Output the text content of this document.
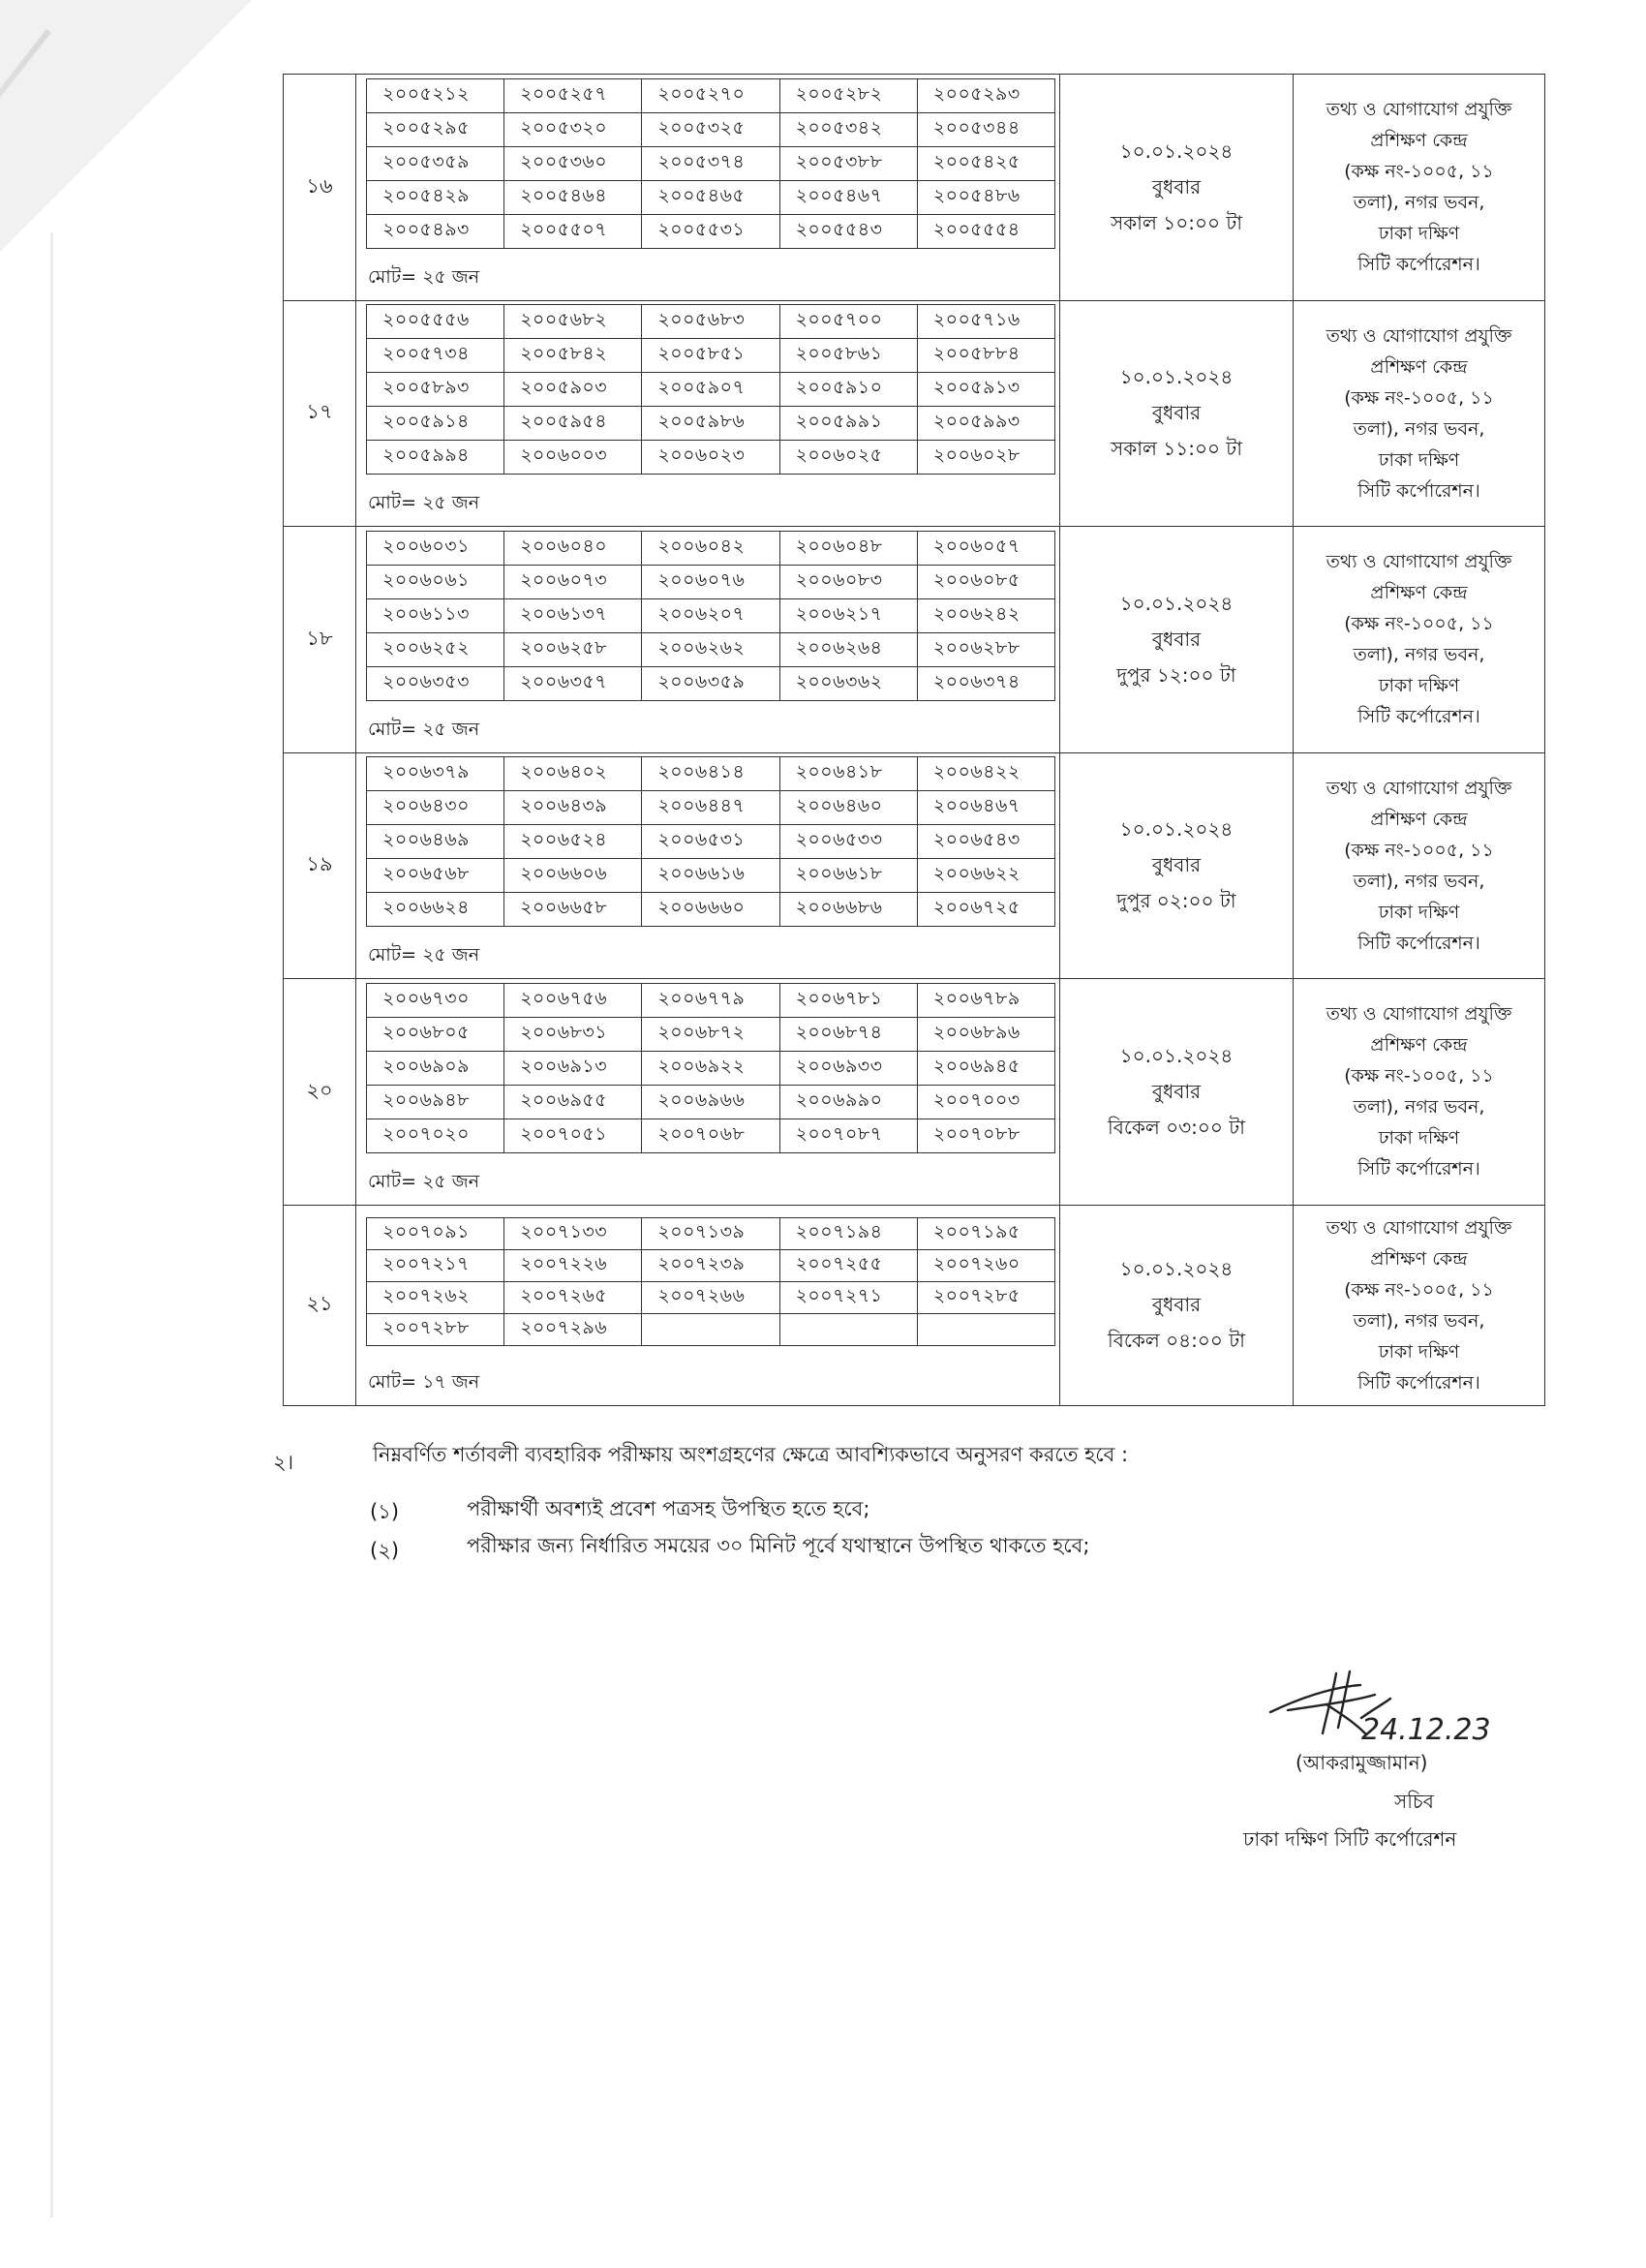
১৬	
২০০৫২১২	২০০৫২৫৭	২০০৫২৭০	২০০৫২৮২	২০০৫২৯৩
২০০৫২৯৫	২০০৫৩২০	২০০৫৩২৫	২০০৫৩৪২	২০০৫৩৪৪
২০০৫৩৫৯	২০০৫৩৬০	২০০৫৩৭৪	২০০৫৩৮৮	২০০৫৪২৫
২০০৫৪২৯	২০০৫৪৬৪	২০০৫৪৬৫	২০০৫৪৬৭	২০০৫৪৮৬
২০০৫৪৯৩	২০০৫৫০৭	২০০৫৫৩১	২০০৫৫৪৩	২০০৫৫৫৪
মোট= ২৫ জন

১০.০১.২০২৪
বুধবার
সকাল ১০:০০ টা

তথ্য ও যোগাযোগ প্রযুক্তি
প্রশিক্ষণ কেন্দ্র
(কক্ষ নং-১০০৫, ১১
তলা), নগর ভবন,
ঢাকা দক্ষিণ
সিটি কর্পোরেশন।

১৭	
২০০৫৫৫৬	২০০৫৬৮২	২০০৫৬৮৩	২০০৫৭০০	২০০৫৭১৬
২০০৫৭৩৪	২০০৫৮৪২	২০০৫৮৫১	২০০৫৮৬১	২০০৫৮৮৪
২০০৫৮৯৩	২০০৫৯০৩	২০০৫৯০৭	২০০৫৯১০	২০০৫৯১৩
২০০৫৯১৪	২০০৫৯৫৪	২০০৫৯৮৬	২০০৫৯৯১	২০০৫৯৯৩
২০০৫৯৯৪	২০০৬০০৩	২০০৬০২৩	২০০৬০২৫	২০০৬০২৮
মোট= ২৫ জন

১০.০১.২০২৪
বুধবার
সকাল ১১:০০ টা

তথ্য ও যোগাযোগ প্রযুক্তি
প্রশিক্ষণ কেন্দ্র
(কক্ষ নং-১০০৫, ১১
তলা), নগর ভবন,
ঢাকা দক্ষিণ
সিটি কর্পোরেশন।

১৮	
২০০৬০৩১	২০০৬০৪০	২০০৬০৪২	২০০৬০৪৮	২০০৬০৫৭
২০০৬০৬১	২০০৬০৭৩	২০০৬০৭৬	২০০৬০৮৩	২০০৬০৮৫
২০০৬১১৩	২০০৬১৩৭	২০০৬২০৭	২০০৬২১৭	২০০৬২৪২
২০০৬২৫২	২০০৬২৫৮	২০০৬২৬২	২০০৬২৬৪	২০০৬২৮৮
২০০৬৩৫৩	২০০৬৩৫৭	২০০৬৩৫৯	২০০৬৩৬২	২০০৬৩৭৪
মোট= ২৫ জন

১০.০১.২০২৪
বুধবার
দুপুর ১২:০০ টা

তথ্য ও যোগাযোগ প্রযুক্তি
প্রশিক্ষণ কেন্দ্র
(কক্ষ নং-১০০৫, ১১
তলা), নগর ভবন,
ঢাকা দক্ষিণ
সিটি কর্পোরেশন।

১৯	
২০০৬৩৭৯	২০০৬৪০২	২০০৬৪১৪	২০০৬৪১৮	২০০৬৪২২
২০০৬৪৩০	২০০৬৪৩৯	২০০৬৪৪৭	২০০৬৪৬০	২০০৬৪৬৭
২০০৬৪৬৯	২০০৬৫২৪	২০০৬৫৩১	২০০৬৫৩৩	২০০৬৫৪৩
২০০৬৫৬৮	২০০৬৬০৬	২০০৬৬১৬	২০০৬৬১৮	২০০৬৬২২
২০০৬৬২৪	২০০৬৬৫৮	২০০৬৬৬০	২০০৬৬৮৬	২০০৬৭২৫
মোট= ২৫ জন

১০.০১.২০২৪
বুধবার
দুপুর ০২:০০ টা

তথ্য ও যোগাযোগ প্রযুক্তি
প্রশিক্ষণ কেন্দ্র
(কক্ষ নং-১০০৫, ১১
তলা), নগর ভবন,
ঢাকা দক্ষিণ
সিটি কর্পোরেশন।

২০	
২০০৬৭৩০	২০০৬৭৫৬	২০০৬৭৭৯	২০০৬৭৮১	২০০৬৭৮৯
২০০৬৮০৫	২০০৬৮৩১	২০০৬৮৭২	২০০৬৮৭৪	২০০৬৮৯৬
২০০৬৯০৯	২০০৬৯১৩	২০০৬৯২২	২০০৬৯৩৩	২০০৬৯৪৫
২০০৬৯৪৮	২০০৬৯৫৫	২০০৬৯৬৬	২০০৬৯৯০	২০০৭০০৩
২০০৭০২০	২০০৭০৫১	২০০৭০৬৮	২০০৭০৮৭	২০০৭০৮৮
মোট= ২৫ জন

১০.০১.২০২৪
বুধবার
বিকেল ০৩:০০ টা

তথ্য ও যোগাযোগ প্রযুক্তি
প্রশিক্ষণ কেন্দ্র
(কক্ষ নং-১০০৫, ১১
তলা), নগর ভবন,
ঢাকা দক্ষিণ
সিটি কর্পোরেশন।

২১	
২০০৭০৯১	২০০৭১৩৩	২০০৭১৩৯	২০০৭১৯৪	২০০৭১৯৫
২০০৭২১৭	২০০৭২২৬	২০০৭২৩৯	২০০৭২৫৫	২০০৭২৬০
২০০৭২৬২	২০০৭২৬৫	২০০৭২৬৬	২০০৭২৭১	২০০৭২৮৫
২০০৭২৮৮	২০০৭২৯৬			
মোট= ১৭ জন

১০.০১.২০২৪
বুধবার
বিকেল ০৪:০০ টা

তথ্য ও যোগাযোগ প্রযুক্তি
প্রশিক্ষণ কেন্দ্র
(কক্ষ নং-১০০৫, ১১
তলা), নগর ভবন,
ঢাকা দক্ষিণ
সিটি কর্পোরেশন।
২।	নিম্নবর্ণিত শর্তাবলী ব্যবহারিক পরীক্ষায় অংশগ্রহণের ক্ষেত্রে আবশ্যিকভাবে অনুসরণ করতে হবে :
(১)	পরীক্ষার্থী অবশ্যই প্রবেশ পত্রসহ উপস্থিত হতে হবে;
(২)	পরীক্ষার জন্য নির্ধারিত সময়ের ৩০ মিনিট পূর্বে যথাস্থানে উপস্থিত থাকতে হবে;
24.12.23
(আকরামুজ্জামান)
সচিব
ঢাকা দক্ষিণ সিটি কর্পোরেশন
